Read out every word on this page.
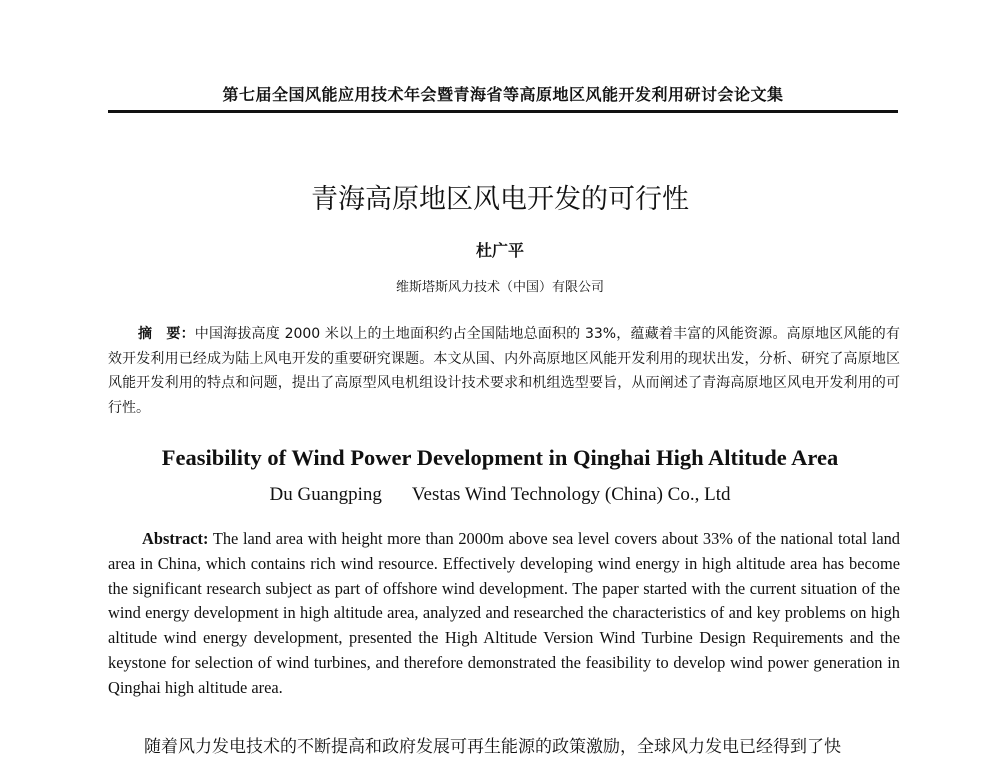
第七届全国风能应用技术年会暨青海省等高原地区风能开发利用研讨会论文集
青海高原地区风电开发的可行性
杜广平
维斯塔斯风力技术（中国）有限公司
摘　要：中国海拔高度 2000 米以上的土地面积约占全国陆地总面积的 33%，蕴藏着丰富的风能资源。高原地区风能的有效开发利用已经成为陆上风电开发的重要研究课题。本文从国、内外高原地区风能开发利用的现状出发，分析、研究了高原地区风能开发利用的特点和问题，提出了高原型风电机组设计技术要求和机组选型要旨，从而阐述了青海高原地区风电开发利用的可行性。
Feasibility of Wind Power Development in Qinghai High Altitude Area
Du Guangping Vestas Wind Technology (China) Co., Ltd
Abstract: The land area with height more than 2000m above sea level covers about 33% of the national total land area in China, which contains rich wind resource. Effectively developing wind energy in high altitude area has become the significant research subject as part of offshore wind development. The paper started with the current situation of the wind energy development in high altitude area, analyzed and researched the characteristics of and key problems on high altitude wind energy development, presented the High Altitude Version Wind Turbine Design Requirements and the keystone for selection of wind turbines, and therefore demonstrated the feasibility to develop wind power generation in Qinghai high altitude area.
随着风力发电技术的不断提高和政府发展可再生能源的政策激励，全球风力发电已经得到了快
